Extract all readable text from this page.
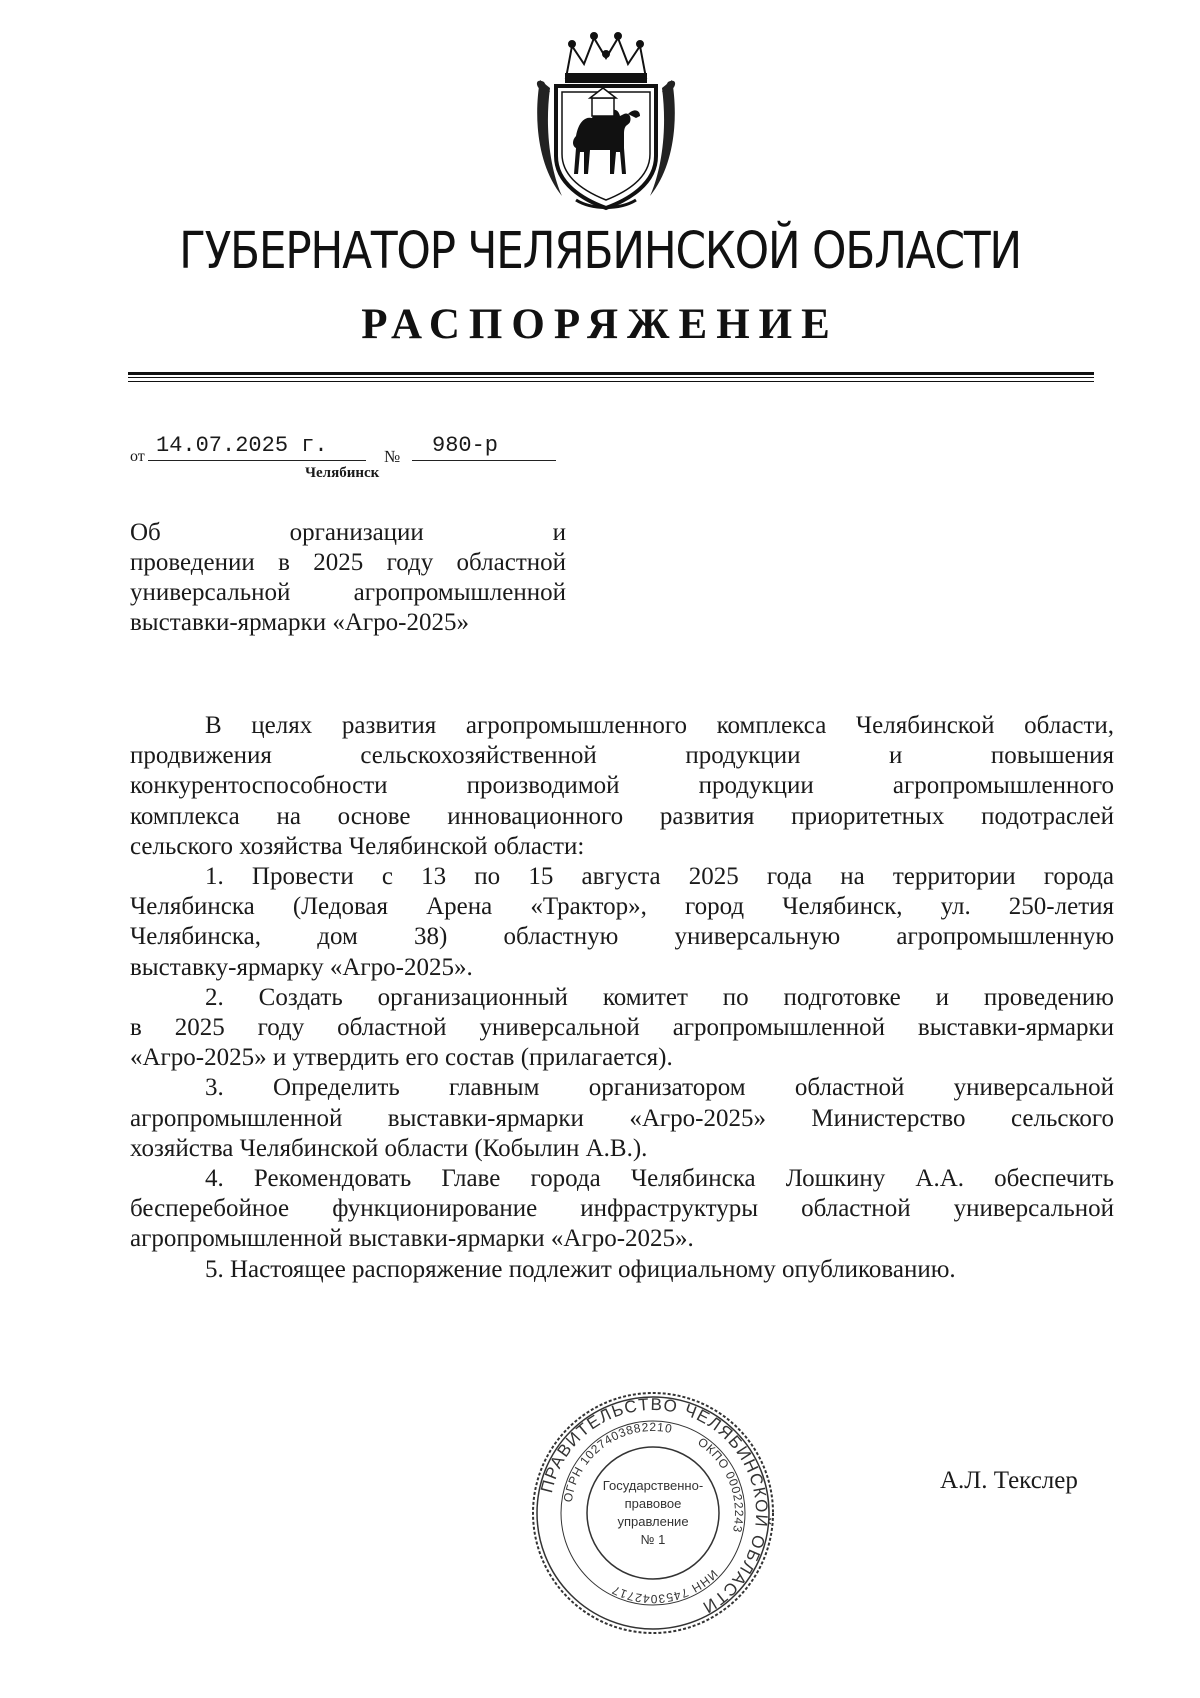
ГУБЕРНАТОР ЧЕЛЯБИНСКОЙ ОБЛАСТИ
РАСПОРЯЖЕНИЕ
от 14.07.2025 г.	№ 980-р
Челябинск
Об организации и
проведении в 2025 году областной
универсальной агропромышленной
выставки-ярмарки «Агро-2025»
В целях развития агропромышленного комплекса Челябинской области,
продвижения сельскохозяйственной продукции и повышения
конкурентоспособности производимой продукции агропромышленного
комплекса на основе инновационного развития приоритетных подотраслей
сельского хозяйства Челябинской области:
1. Провести с 13 по 15 августа 2025 года на территории города
Челябинска (Ледовая Арена «Трактор», город Челябинск, ул. 250-летия
Челябинска, дом 38) областную универсальную агропромышленную
выставку-ярмарку «Агро-2025».
2. Создать организационный комитет по подготовке и проведению
в 2025 году областной универсальной агропромышленной выставки-ярмарки
«Агро-2025» и утвердить его состав (прилагается).
3. Определить главным организатором областной универсальной
агропромышленной выставки-ярмарки «Агро-2025» Министерство сельского
хозяйства Челябинской области (Кобылин А.В.).
4. Рекомендовать Главе города Челябинска Лошкину А.А. обеспечить
бесперебойное функционирование инфраструктуры областной универсальной
агропромышленной выставки-ярмарки «Агро-2025».
5. Настоящее распоряжение подлежит официальному опубликованию.
ПРАВИТЕЛЬСТВО ЧЕЛЯБИНСКОЙ ОБЛАСТИ
ОГРН 1027403882210
ОКПО 00022243
ИНН 7453042717
Государственно-
правовое
управление
№ 1
А.Л. Текслер
